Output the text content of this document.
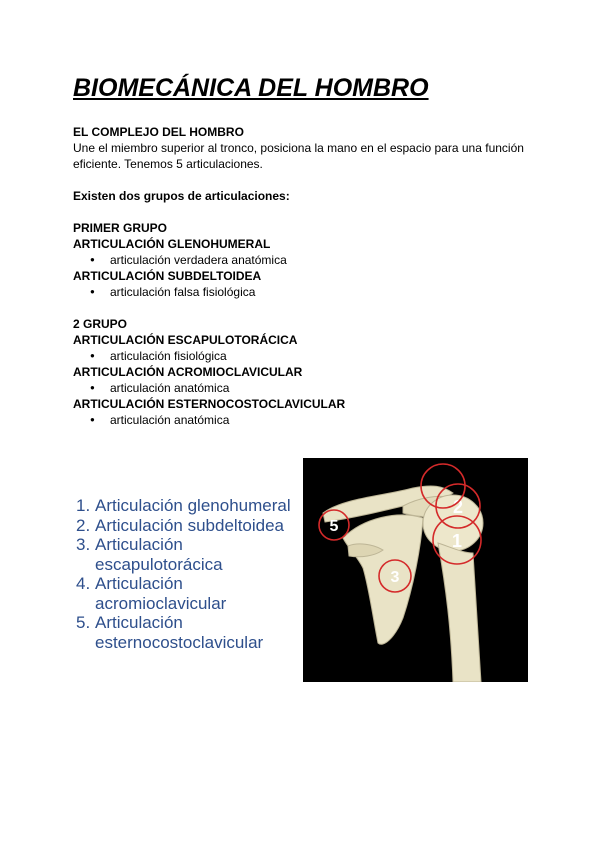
BIOMECÁNICA DEL HOMBRO
EL COMPLEJO DEL HOMBRO
Une el miembro superior al tronco, posiciona la mano en el espacio para una función eficiente. Tenemos 5 articulaciones.
Existen dos grupos de articulaciones:
PRIMER GRUPO
ARTICULACIÓN GLENOHUMERAL
● articulación verdadera anatómica
ARTICULACIÓN SUBDELTOIDEA
● articulación falsa fisiológica
2 GRUPO
ARTICULACIÓN ESCAPULOTORÁCICA
● articulación fisiológica
ARTICULACIÓN ACROMIOCLAVICULAR
● articulación anatómica
ARTICULACIÓN ESTERNOCOSTOCLAVICULAR
● articulación anatómica
1. Articulación glenohumeral
2. Articulación subdeltoidea
3. Articulación
escapulotorácica
4. Articulación
acromioclavicular
5. Articulación
esternocostoclavicular
1
2
3
5
